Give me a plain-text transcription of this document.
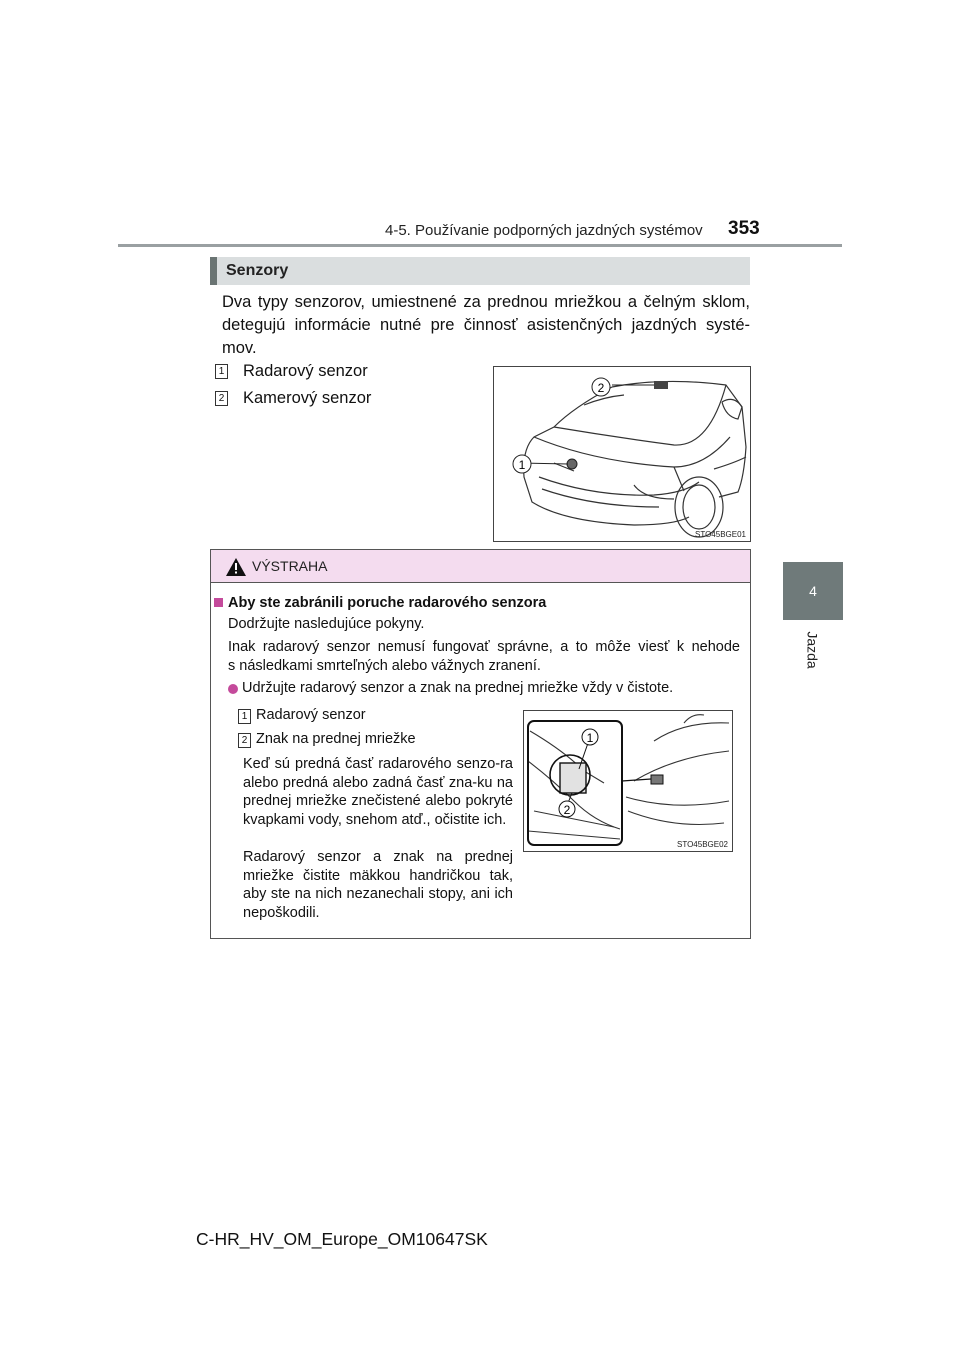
4-5. Používanie podporných jazdných systémov 353
4
Jazda
Senzory
Dva typy senzorov, umiestnené za prednou mriežkou a čelným sklom, detegujú informácie nutné pre činnosť asistenčných jazdných systé-mov.
1 Radarový senzor
2 Kamerový senzor
2
1
STO45BGE01
VÝSTRAHA
Aby ste zabránili poruche radarového senzora
Dodržujte nasledujúce pokyny.
Inak radarový senzor nemusí fungovať správne, a to môže viesť k nehode
s následkami smrteľných alebo vážnych zranení.
Udržujte radarový senzor a znak na prednej mriežke vždy v čistote.
1 Radarový senzor
2 Znak na prednej mriežke
Keď sú predná časť radarového senzo-ra alebo predná alebo zadná časť zna-ku na prednej mriežke znečistené alebo pokryté kvapkami vody, snehom atď., očistite ich.
Radarový senzor a znak na prednej mriežke čistite mäkkou handričkou tak, aby ste na nich nezanechali stopy, ani ich nepoškodili.
1
2
STO45BGE02
C-HR_HV_OM_Europe_OM10647SK
